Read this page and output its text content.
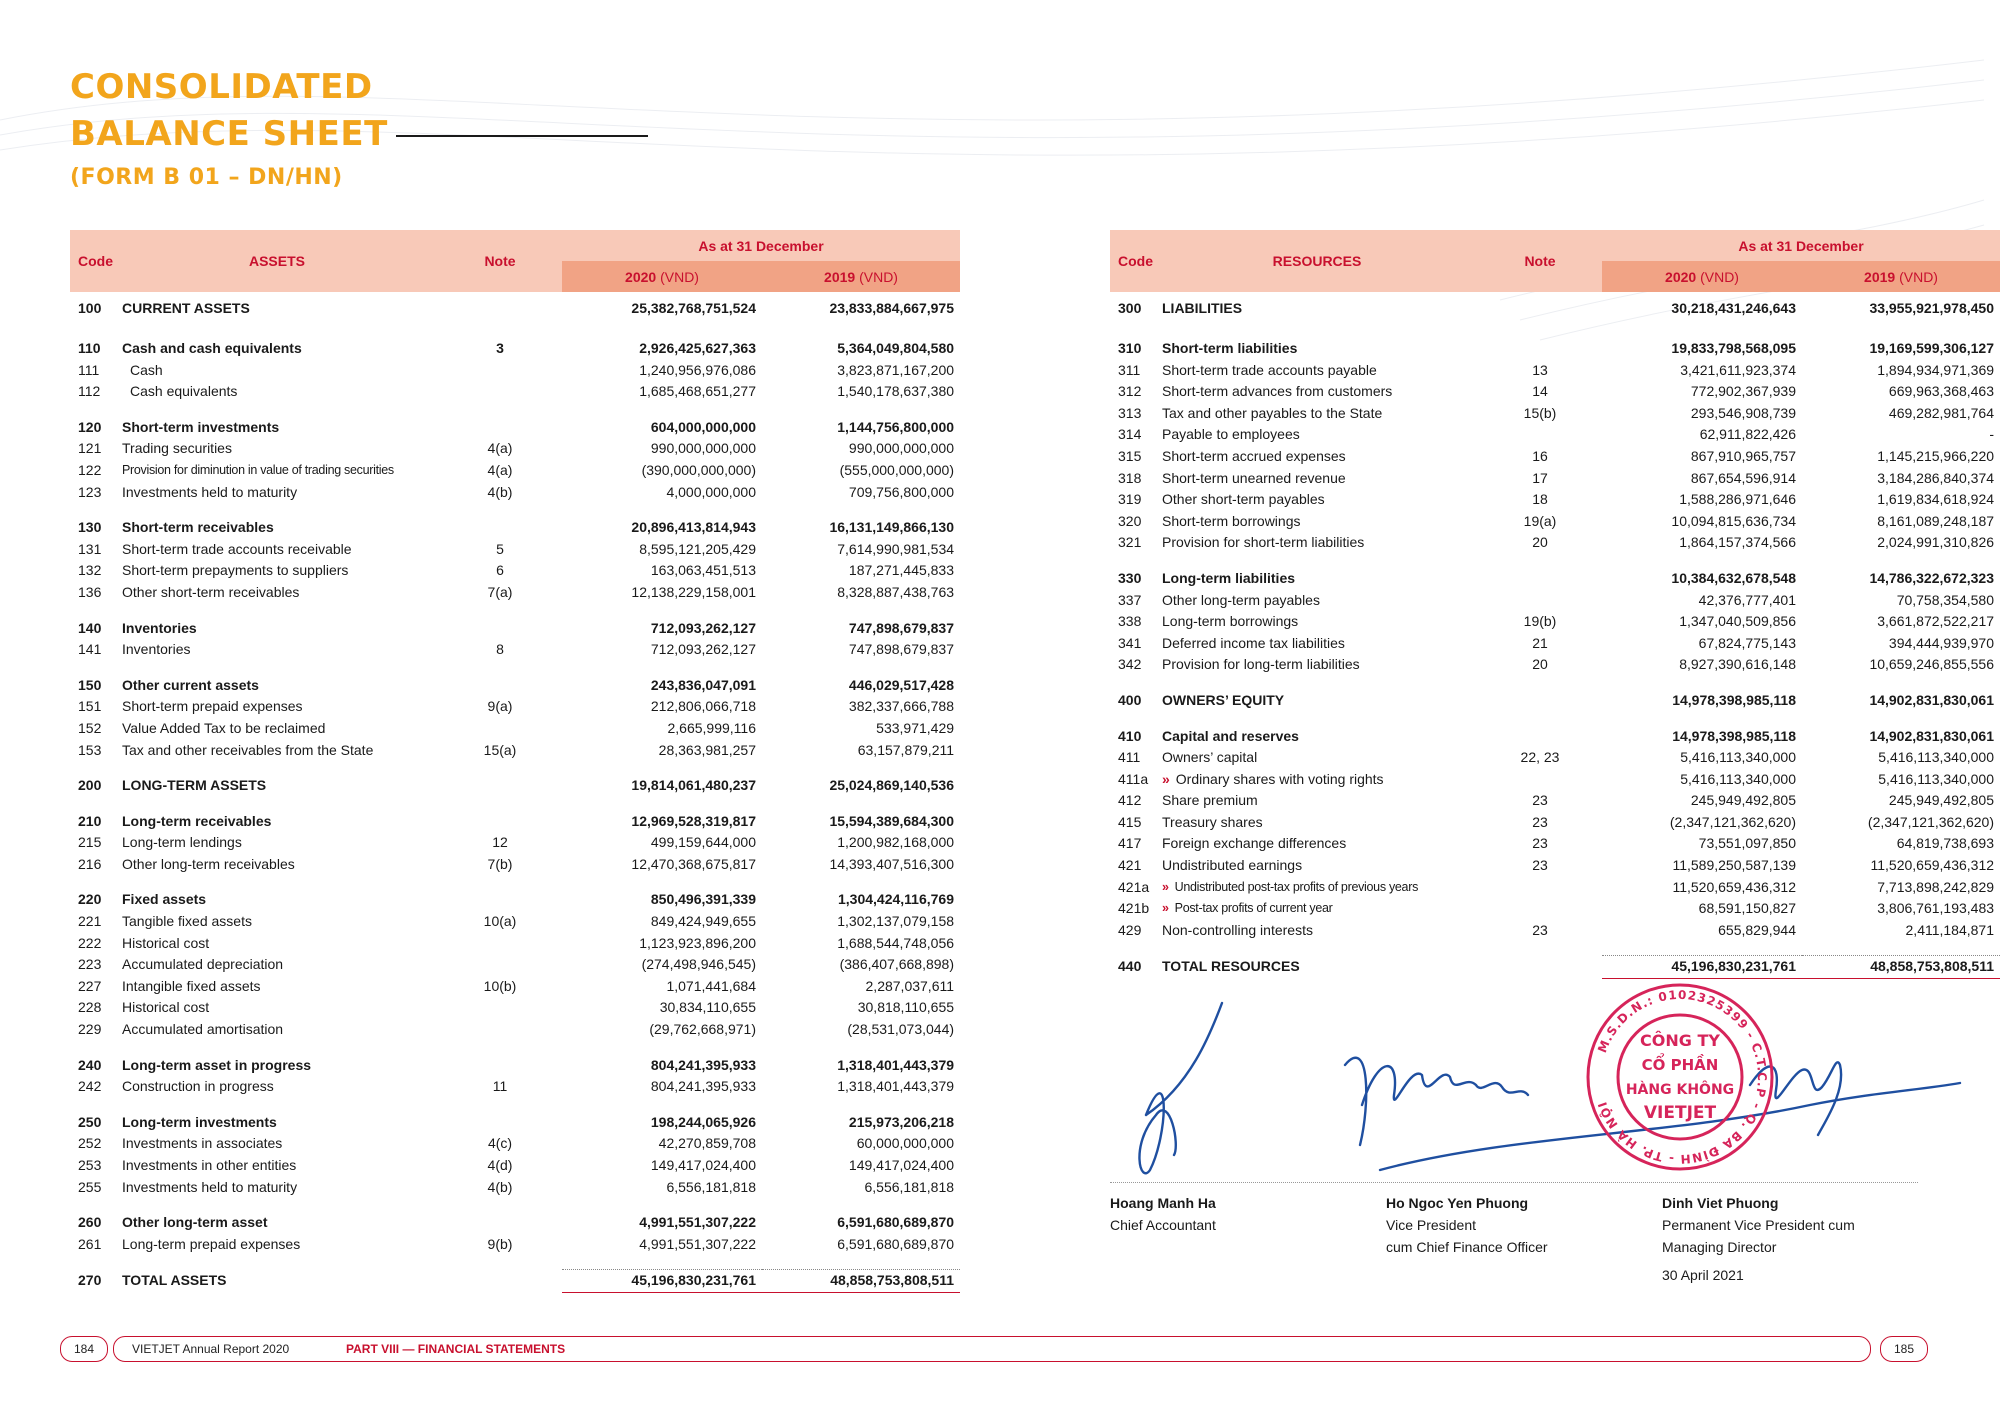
CONSOLIDATED
BALANCE SHEET
(FORM B 01 – DN/HN)
Code	ASSETS	Note	As at 31 December	
			2020 (VND)	2019 (VND)
100	CURRENT ASSETS		25,382,768,751,524	23,833,884,667,975

110	Cash and cash equivalents	3	2,926,425,627,363	5,364,049,804,580
111	Cash		1,240,956,976,086	3,823,871,167,200
112	Cash equivalents		1,685,468,651,277	1,540,178,637,380

120	Short-term investments		604,000,000,000	1,144,756,800,000
121	Trading securities	4(a)	990,000,000,000	990,000,000,000
122	Provision for diminution in value of trading securities	4(a)	(390,000,000,000)	(555,000,000,000)
123	Investments held to maturity	4(b)	4,000,000,000	709,756,800,000

130	Short-term receivables		20,896,413,814,943	16,131,149,866,130
131	Short-term trade accounts receivable	5	8,595,121,205,429	7,614,990,981,534
132	Short-term prepayments to suppliers	6	163,063,451,513	187,271,445,833
136	Other short-term receivables	7(a)	12,138,229,158,001	8,328,887,438,763

140	Inventories		712,093,262,127	747,898,679,837
141	Inventories	8	712,093,262,127	747,898,679,837

150	Other current assets		243,836,047,091	446,029,517,428
151	Short-term prepaid expenses	9(a)	212,806,066,718	382,337,666,788
152	Value Added Tax to be reclaimed		2,665,999,116	533,971,429
153	Tax and other receivables from the State	15(a)	28,363,981,257	63,157,879,211

200	LONG-TERM ASSETS		19,814,061,480,237	25,024,869,140,536

210	Long-term receivables		12,969,528,319,817	15,594,389,684,300
215	Long-term lendings	12	499,159,644,000	1,200,982,168,000
216	Other long-term receivables	7(b)	12,470,368,675,817	14,393,407,516,300

220	Fixed assets		850,496,391,339	1,304,424,116,769
221	Tangible fixed assets	10(a)	849,424,949,655	1,302,137,079,158
222	Historical cost		1,123,923,896,200	1,688,544,748,056
223	Accumulated depreciation		(274,498,946,545)	(386,407,668,898)
227	Intangible fixed assets	10(b)	1,071,441,684	2,287,037,611
228	Historical cost		30,834,110,655	30,818,110,655
229	Accumulated amortisation		(29,762,668,971)	(28,531,073,044)

240	Long-term asset in progress		804,241,395,933	1,318,401,443,379
242	Construction in progress	11	804,241,395,933	1,318,401,443,379

250	Long-term investments		198,244,065,926	215,973,206,218
252	Investments in associates	4(c)	42,270,859,708	60,000,000,000
253	Investments in other entities	4(d)	149,417,024,400	149,417,024,400
255	Investments held to maturity	4(b)	6,556,181,818	6,556,181,818

260	Other long-term asset		4,991,551,307,222	6,591,680,689,870
261	Long-term prepaid expenses	9(b)	4,991,551,307,222	6,591,680,689,870

270	TOTAL ASSETS		45,196,830,231,761	48,858,753,808,511
Code	RESOURCES	Note	As at 31 December	
			2020 (VND)	2019 (VND)
300	LIABILITIES		30,218,431,246,643	33,955,921,978,450

310	Short-term liabilities		19,833,798,568,095	19,169,599,306,127
311	Short-term trade accounts payable	13	3,421,611,923,374	1,894,934,971,369
312	Short-term advances from customers	14	772,902,367,939	669,963,368,463
313	Tax and other payables to the State	15(b)	293,546,908,739	469,282,981,764
314	Payable to employees		62,911,822,426	-
315	Short-term accrued expenses	16	867,910,965,757	1,145,215,966,220
318	Short-term unearned revenue	17	867,654,596,914	3,184,286,840,374
319	Other short-term payables	18	1,588,286,971,646	1,619,834,618,924
320	Short-term borrowings	19(a)	10,094,815,636,734	8,161,089,248,187
321	Provision for short-term liabilities	20	1,864,157,374,566	2,024,991,310,826

330	Long-term liabilities		10,384,632,678,548	14,786,322,672,323
337	Other long-term payables		42,376,777,401	70,758,354,580
338	Long-term borrowings	19(b)	1,347,040,509,856	3,661,872,522,217
341	Deferred income tax liabilities	21	67,824,775,143	394,444,939,970
342	Provision for long-term liabilities	20	8,927,390,616,148	10,659,246,855,556

400	OWNERS’ EQUITY		14,978,398,985,118	14,902,831,830,061

410	Capital and reserves		14,978,398,985,118	14,902,831,830,061
411	Owners’ capital	22, 23	5,416,113,340,000	5,416,113,340,000
411a	» Ordinary shares with voting rights		5,416,113,340,000	5,416,113,340,000
412	Share premium	23	245,949,492,805	245,949,492,805
415	Treasury shares	23	(2,347,121,362,620)	(2,347,121,362,620)
417	Foreign exchange differences	23	73,551,097,850	64,819,738,693
421	Undistributed earnings	23	11,589,250,587,139	11,520,659,436,312
421a	» Undistributed post-tax profits of previous years		11,520,659,436,312	7,713,898,242,829
421b	» Post-tax profits of current year		68,591,150,827	3,806,761,193,483
429	Non-controlling interests	23	655,829,944	2,411,184,871

440	TOTAL RESOURCES		45,196,830,231,761	48,858,753,808,511
M.S.D.N.: 0102325399 - C.T.C.P - Q. BA ĐÌNH - TP. HÀ NỘI
CÔNG TY
CỔ PHẦN
HÀNG KHÔNG
VIETJET
Hoang Manh Ha
Chief Accountant
Ho Ngoc Yen Phuong
Vice President
cum Chief Finance Officer
Dinh Viet Phuong
Permanent Vice President cum
Managing Director
30 April 2021
184	VIETJET Annual Report 2020	PART VIII — FINANCIAL STATEMENTS	185
